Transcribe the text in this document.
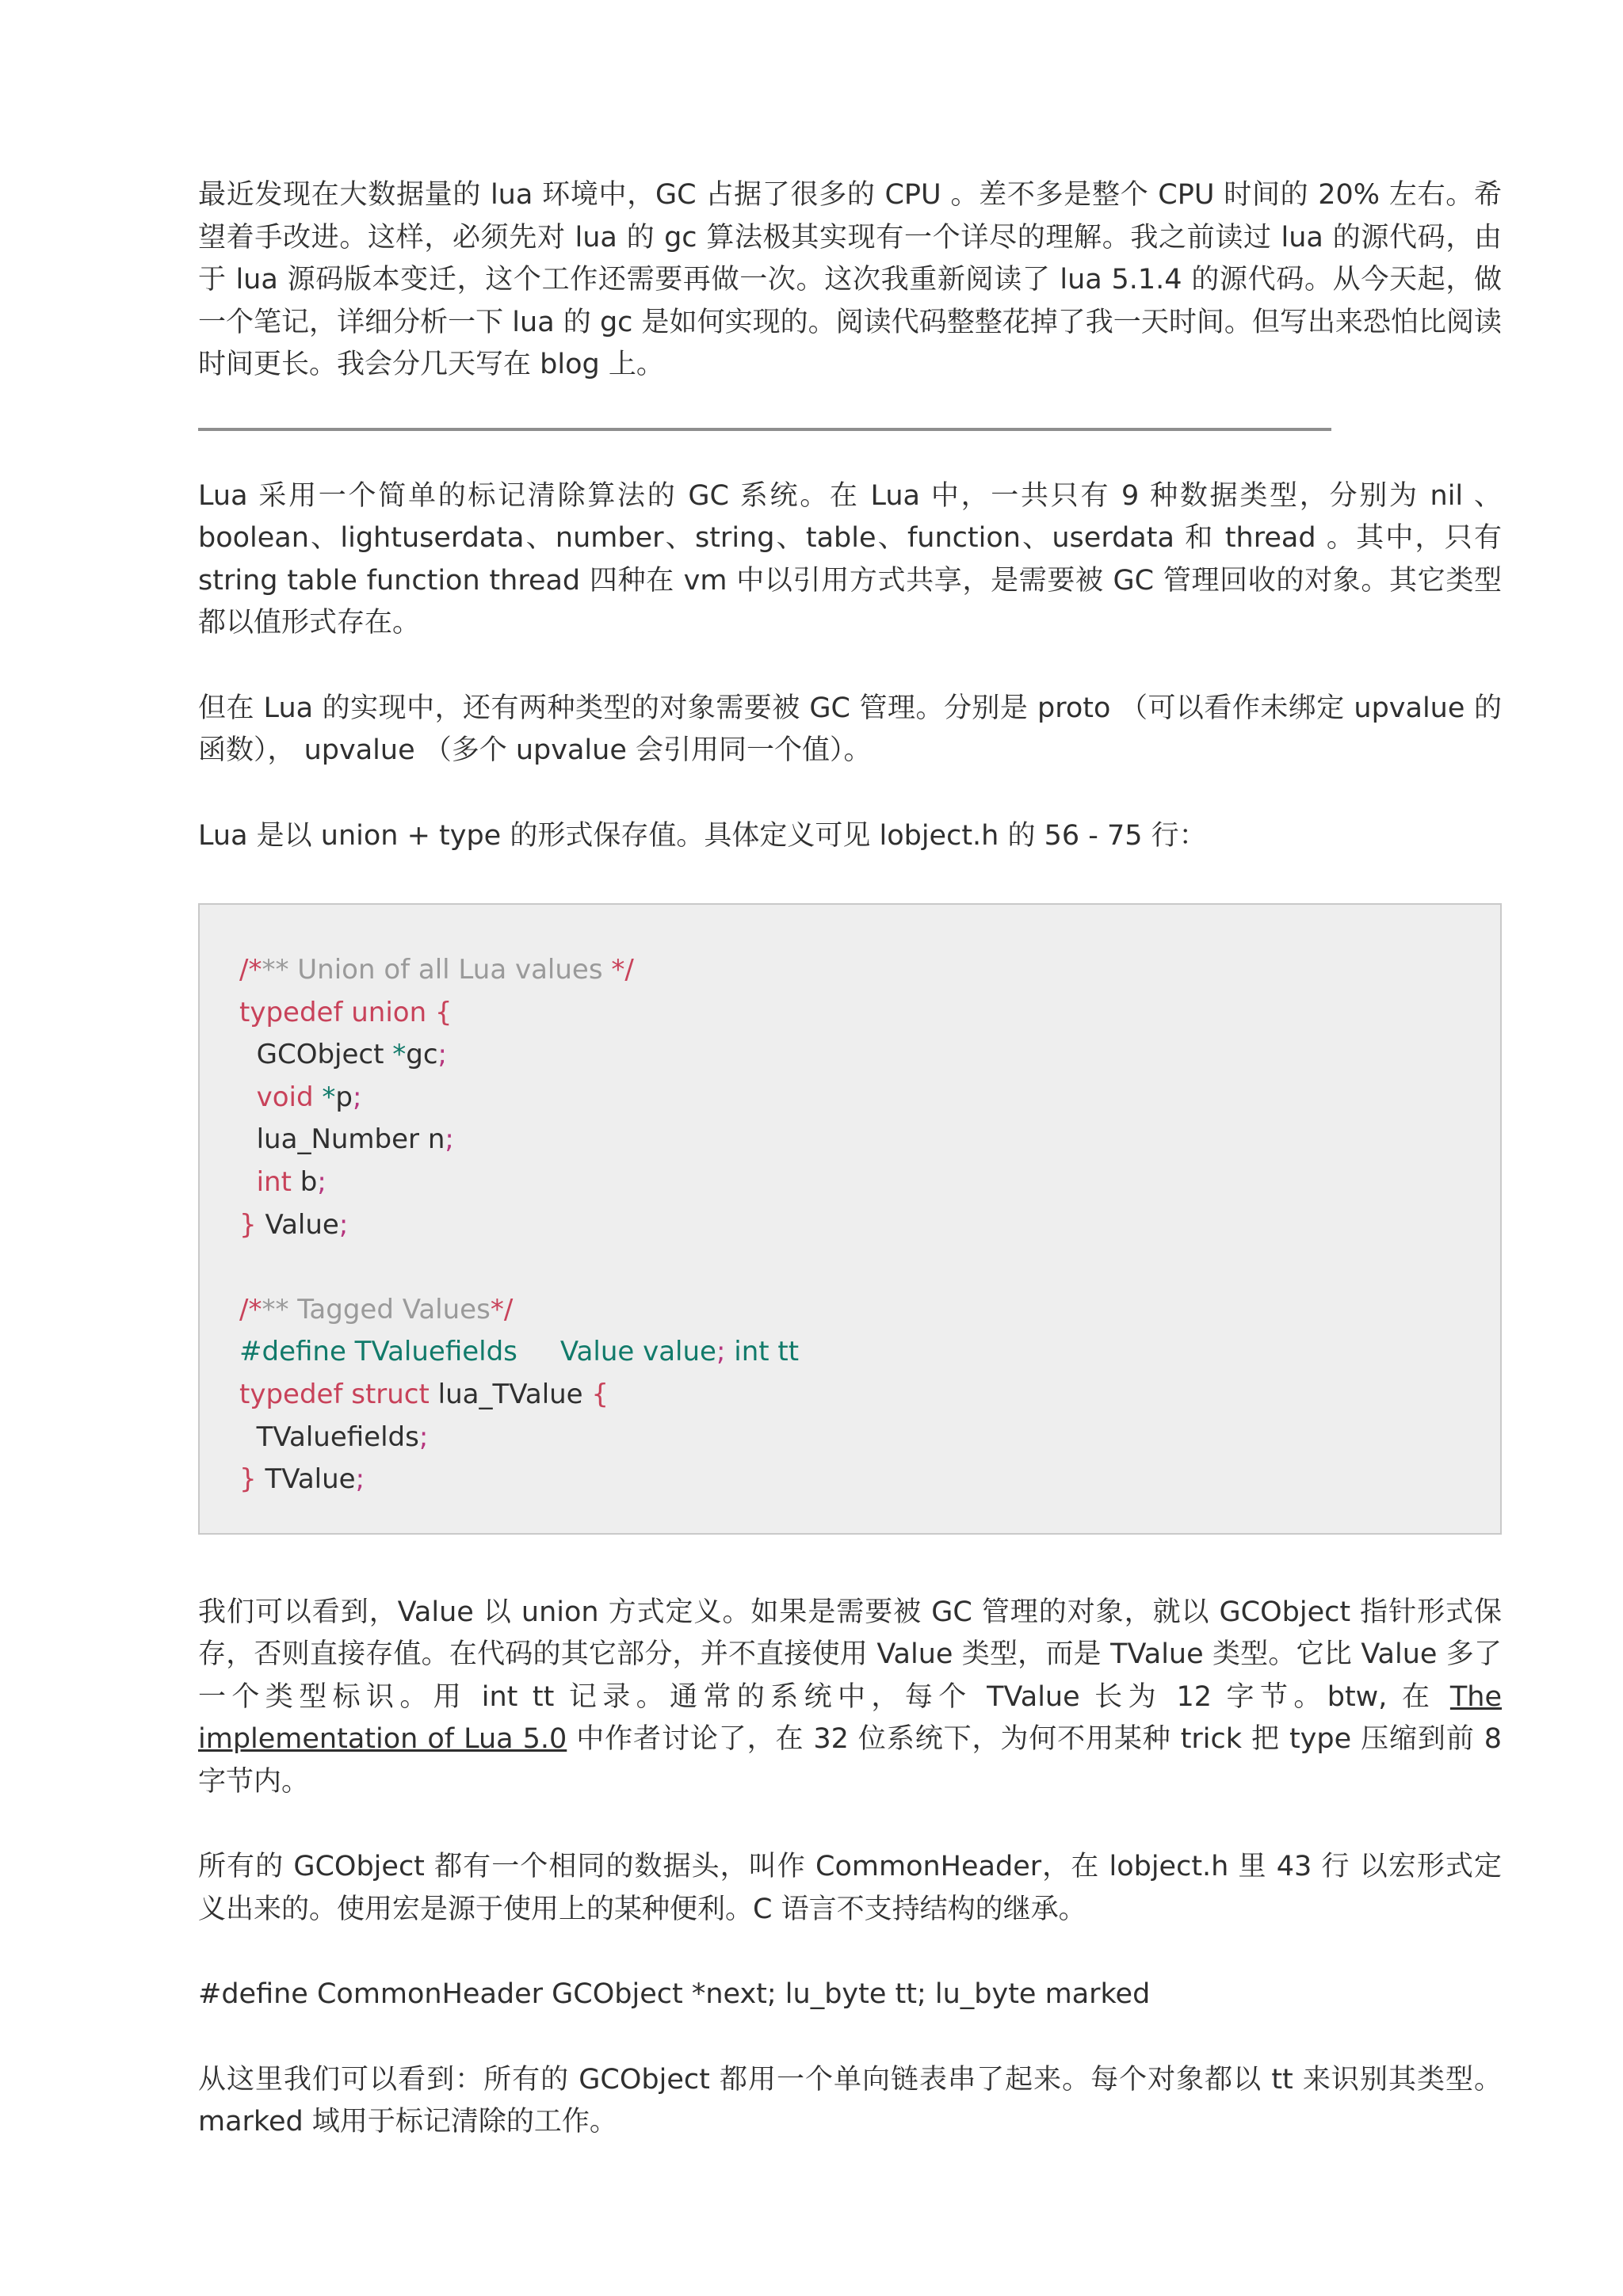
最近发现在大数据量的 lua 环境中，GC 占据了很多的 CPU 。差不多是整个 CPU 时间的 20% 左右。希望着手改进。这样，必须先对 lua 的 gc 算法极其实现有一个详尽的理解。我之前读过 lua 的源代码，由于 lua 源码版本变迁，这个工作还需要再做一次。这次我重新阅读了 lua 5.1.4 的源代码。从今天起，做一个笔记，详细分析一下 lua 的 gc 是如何实现的。阅读代码整整花掉了我一天时间。但写出来恐怕比阅读时间更长。我会分几天写在 blog 上。

Lua 采用一个简单的标记清除算法的 GC 系统。在 Lua 中，一共只有 9 种数据类型，分别为 nil 、boolean、lightuserdata、number、string、table、function、userdata 和 thread 。其中，只有 string table function thread 四种在 vm 中以引用方式共享，是需要被 GC 管理回收的对象。其它类型都以值形式存在。

但在 Lua 的实现中，还有两种类型的对象需要被 GC 管理。分别是 proto （可以看作未绑定 upvalue 的函数）， upvalue （多个 upvalue 会引用同一个值）。

Lua 是以 union + type 的形式保存值。具体定义可见 lobject.h 的 56 - 75 行：

/*** Union of all Lua values */
typedef union {
GCObject *gc;
void *p;
lua_Number n;
int b;
} Value;
/*** Tagged Values*/
#define TValuefields     Value value; int tt
typedef struct lua_TValue {
TValuefields;
} TValue;

我们可以看到，Value 以 union 方式定义。如果是需要被 GC 管理的对象，就以 GCObject 指针形式保存，否则直接存值。在代码的其它部分，并不直接使用 Value 类型，而是 TValue 类型。它比 Value 多了一个类型标识。用 int tt 记录。通常的系统中，每个 TValue 长为 12 字节。btw, 在 The implementation of Lua 5.0 中作者讨论了，在 32 位系统下，为何不用某种 trick 把 type 压缩到前 8 字节内。

所有的 GCObject 都有一个相同的数据头，叫作 CommonHeader，在 lobject.h 里 43 行 以宏形式定义出来的。使用宏是源于使用上的某种便利。C 语言不支持结构的继承。

#define CommonHeader GCObject *next; lu_byte tt; lu_byte marked

从这里我们可以看到：所有的 GCObject 都用一个单向链表串了起来。每个对象都以 tt 来识别其类型。marked 域用于标记清除的工作。
